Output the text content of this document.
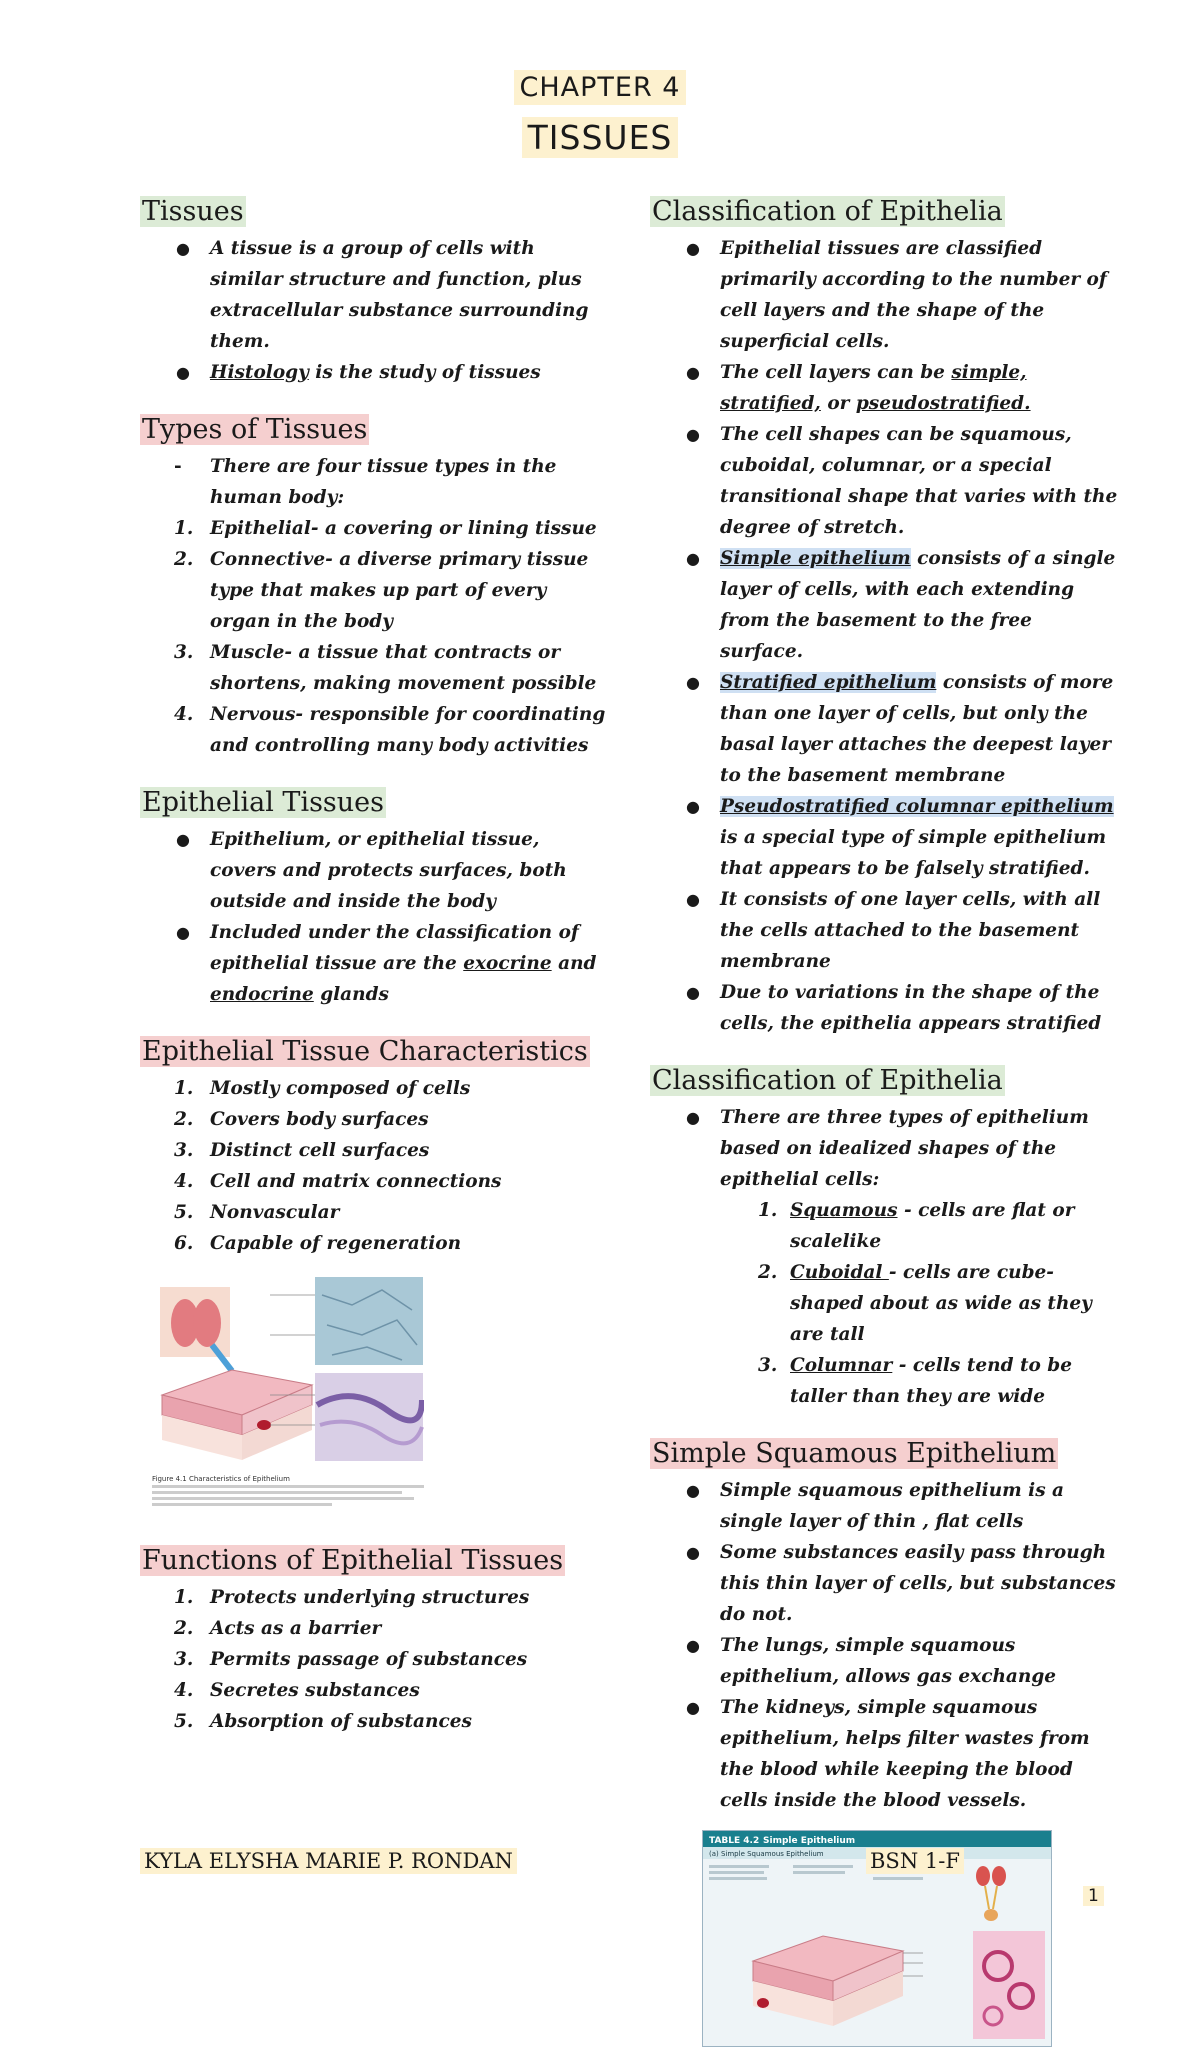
CHAPTER 4
TISSUES
Tissues
● A tissue is a group of cells with similar structure and function, plus extracellular substance surrounding them.
● Histology is the study of tissues
Types of Tissues
- There are four tissue types in the human body:
1. Epithelial- a covering or lining tissue
2. Connective- a diverse primary tissue type that makes up part of every organ in the body
3. Muscle- a tissue that contracts or shortens, making movement possible
4. Nervous- responsible for coordinating and controlling many body activities
Epithelial Tissues
● Epithelium, or epithelial tissue, covers and protects surfaces, both outside and inside the body
● Included under the classification of epithelial tissue are the exocrine and endocrine glands
Epithelial Tissue Characteristics
1. Mostly composed of cells
2. Covers body surfaces
3. Distinct cell surfaces
4. Cell and matrix connections
5. Nonvascular
6. Capable of regeneration
Figure 4.1 Characteristics of Epithelium
Functions of Epithelial Tissues
1. Protects underlying structures
2. Acts as a barrier
3. Permits passage of substances
4. Secretes substances
5. Absorption of substances
Classification of Epithelia
● Epithelial tissues are classified primarily according to the number of cell layers and the shape of the superficial cells.
● The cell layers can be simple, stratified, or pseudostratified.
● The cell shapes can be squamous, cuboidal, columnar, or a special transitional shape that varies with the degree of stretch.
● Simple epithelium consists of a single layer of cells, with each extending from the basement to the free surface.
● Stratified epithelium consists of more than one layer of cells, but only the basal layer attaches the deepest layer to the basement membrane
● Pseudostratified columnar epithelium is a special type of simple epithelium that appears to be falsely stratified.
● It consists of one layer cells, with all the cells attached to the basement membrane
● Due to variations in the shape of the cells, the epithelia appears stratified
Classification of Epithelia
● There are three types of epithelium based on idealized shapes of the epithelial cells:
1. Squamous - cells are flat or scalelike
2. Cuboidal - cells are cube-shaped about as wide as they are tall
3. Columnar - cells tend to be taller than they are wide
Simple Squamous Epithelium
● Simple squamous epithelium is a single layer of thin , flat cells
● Some substances easily pass through this thin layer of cells, but substances do not.
● The lungs, simple squamous epithelium, allows gas exchange
● The kidneys, simple squamous epithelium, helps filter wastes from the blood while keeping the blood cells inside the blood vessels.
TABLE 4.2 Simple Epithelium
(a) Simple Squamous Epithelium
KYLA ELYSHA MARIE P. RONDAN	BSN 1-F
1
